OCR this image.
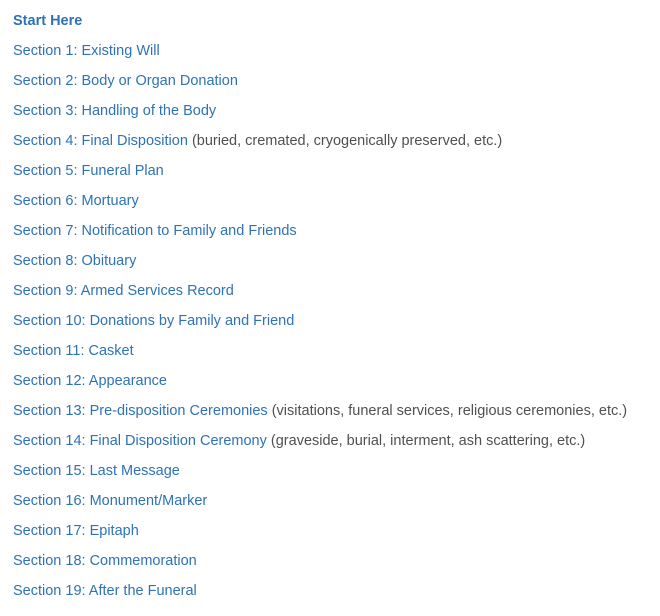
Start Here
Section 1: Existing Will
Section 2: Body or Organ Donation
Section 3: Handling of the Body
Section 4: Final Disposition (buried, cremated, cryogenically preserved, etc.)
Section 5: Funeral Plan
Section 6: Mortuary
Section 7: Notification to Family and Friends
Section 8: Obituary
Section 9: Armed Services Record
Section 10: Donations by Family and Friend
Section 11: Casket
Section 12: Appearance
Section 13: Pre-disposition Ceremonies (visitations, funeral services, religious ceremonies, etc.)
Section 14: Final Disposition Ceremony (graveside, burial, interment, ash scattering, etc.)
Section 15: Last Message
Section 16: Monument/Marker
Section 17: Epitaph
Section 18: Commemoration
Section 19: After the Funeral
